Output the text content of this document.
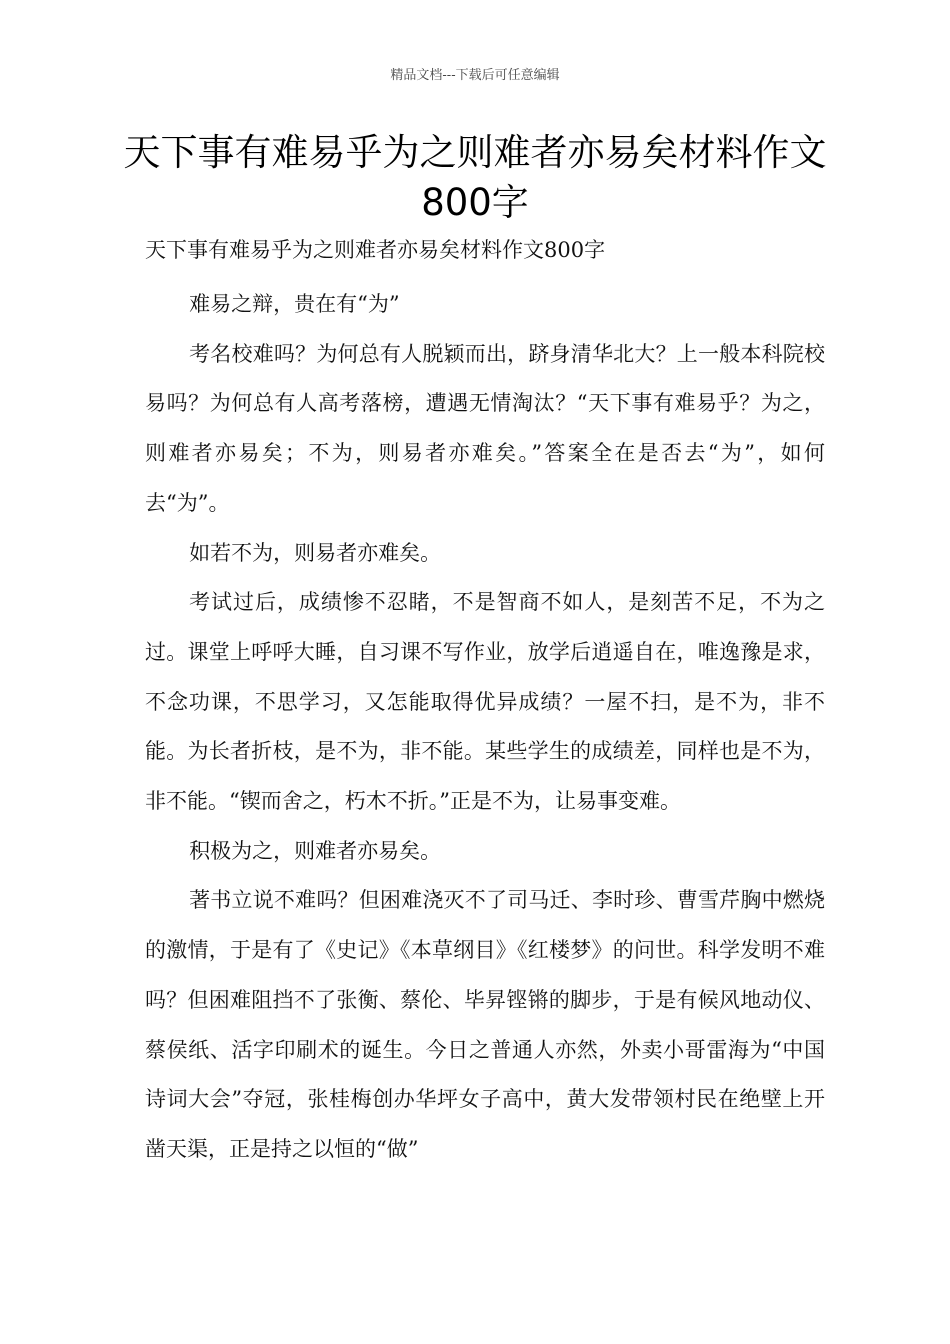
精品文档---下载后可任意编辑
天下事有难易乎为之则难者亦易矣材料作文800字
天下事有难易乎为之则难者亦易矣材料作文800字

难易之辩，贵在有“为”

考名校难吗？为何总有人脱颖而出，跻身清华北大？上一般本科院校易吗？为何总有人高考落榜，遭遇无情淘汰？“天下事有难易乎？为之，则难者亦易矣；不为，则易者亦难矣。”答案全在是否去“为”，如何去“为”。

如若不为，则易者亦难矣。

考试过后，成绩惨不忍睹，不是智商不如人，是刻苦不足，不为之过。课堂上呼呼大睡，自习课不写作业，放学后逍遥自在，唯逸豫是求，不念功课，不思学习，又怎能取得优异成绩？一屋不扫，是不为，非不能。为长者折枝，是不为，非不能。某些学生的成绩差，同样也是不为，非不能。“锲而舍之，朽木不折。”正是不为，让易事变难。

积极为之，则难者亦易矣。

著书立说不难吗？但困难浇灭不了司马迁、李时珍、曹雪芹胸中燃烧的激情，于是有了《史记》《本草纲目》《红楼梦》的问世。科学发明不难吗？但困难阻挡不了张衡、蔡伦、毕昇铿锵的脚步，于是有候风地动仪、蔡侯纸、活字印刷术的诞生。今日之普通人亦然，外卖小哥雷海为“中国诗词大会”夺冠，张桂梅创办华坪女子高中，黄大发带领村民在绝壁上开凿天渠，正是持之以恒的“做”
